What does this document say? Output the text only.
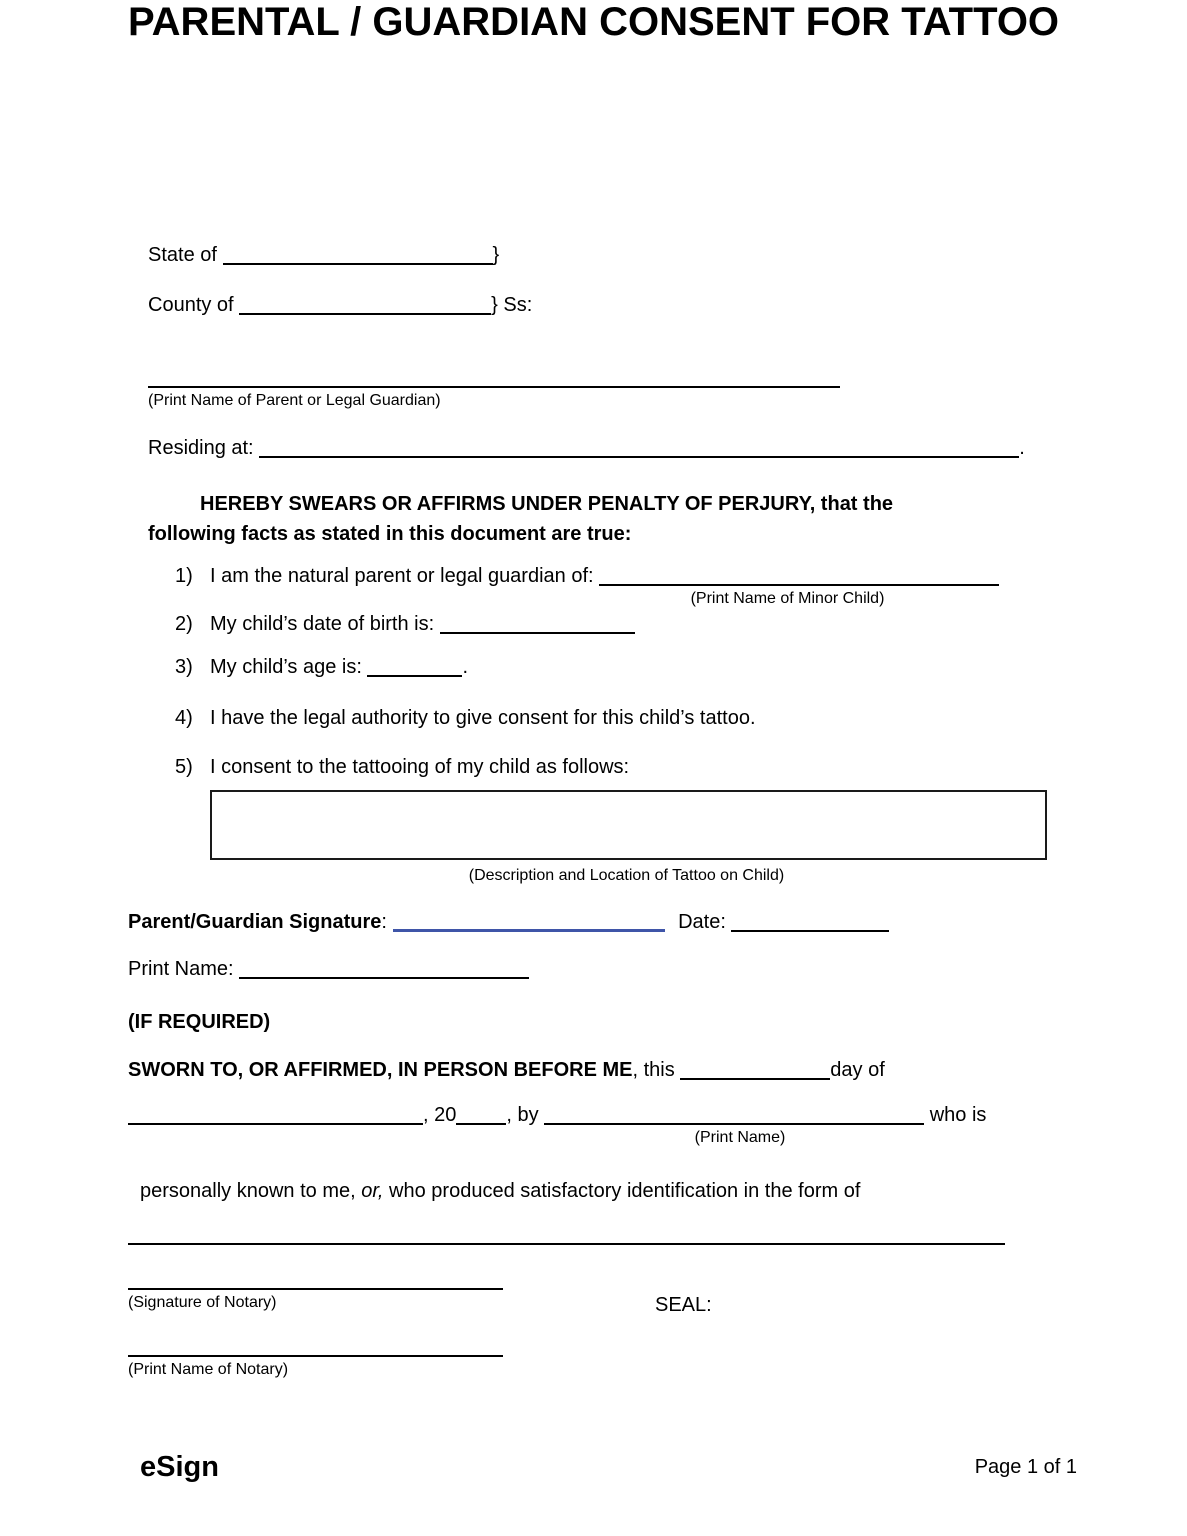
PARENTAL / GUARDIAN CONSENT FOR TATTOO
State of	}
County of	} Ss:
(Print Name of Parent or Legal Guardian)
Residing at:	.
HEREBY SWEARS OR AFFIRMS UNDER PENALTY OF PERJURY, that the
following facts as stated in this document are true:
1) I am the natural parent or legal guardian of:
(Print Name of Minor Child)
2) My child’s date of birth is:
3) My child’s age is:	.
4) I have the legal authority to give consent for this child’s tattoo.
5) I consent to the tattooing of my child as follows:
(Description and Location of Tattoo on Child)
Parent/Guardian Signature:	Date:
Print Name:
(IF REQUIRED)
SWORN TO, OR AFFIRMED, IN PERSON BEFORE ME, this	day of
, 20	, by	who is
(Print Name)
personally known to me, or, who produced satisfactory identification in the form of
(Signature of Notary)	SEAL:
(Print Name of Notary)
eSign	Page 1 of 1
